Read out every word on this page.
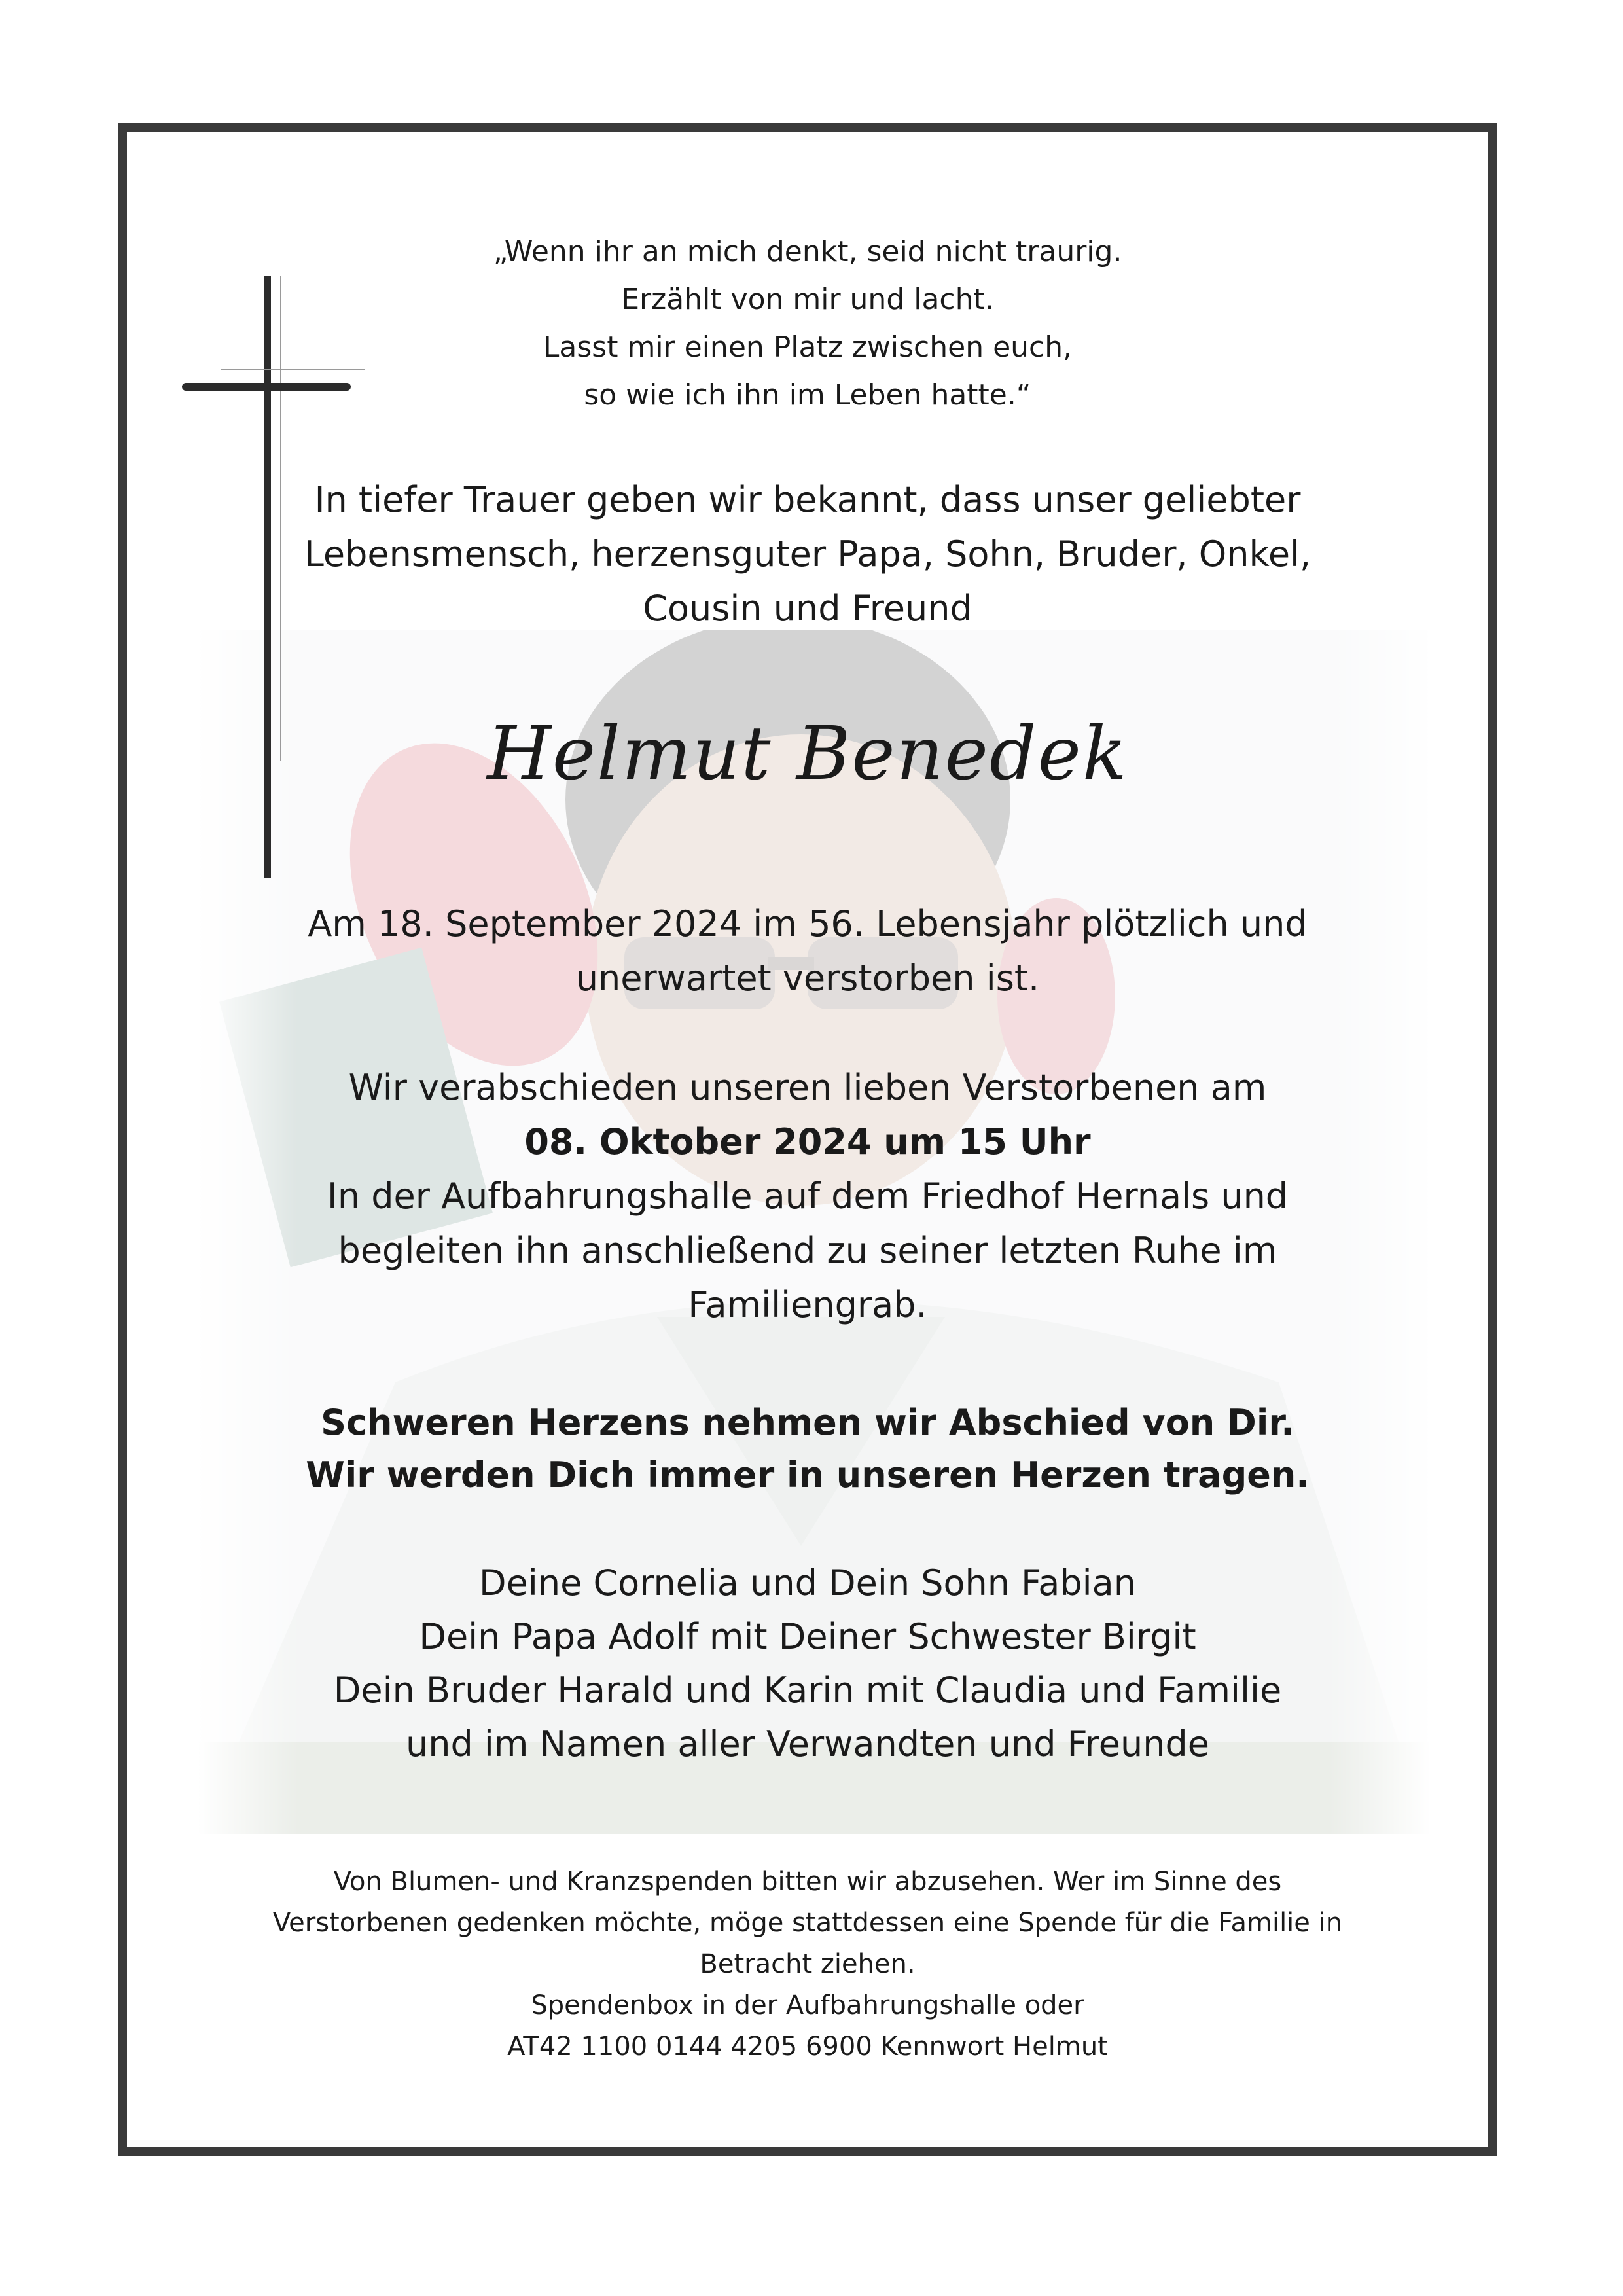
„Wenn ihr an mich denkt, seid nicht traurig.
Erzählt von mir und lacht.
Lasst mir einen Platz zwischen euch,
so wie ich ihn im Leben hatte.“
In tiefer Trauer geben wir bekannt, dass unser geliebter
Lebensmensch, herzensguter Papa, Sohn, Bruder, Onkel,
Cousin und Freund
Helmut Benedek
Am 18. September 2024 im 56. Lebensjahr plötzlich und
unerwartet verstorben ist.
Wir verabschieden unseren lieben Verstorbenen am
08. Oktober 2024 um 15 Uhr
In der Aufbahrungshalle auf dem Friedhof Hernals und
begleiten ihn anschließend zu seiner letzten Ruhe im
Familiengrab.
Schweren Herzens nehmen wir Abschied von Dir.
Wir werden Dich immer in unseren Herzen tragen.
Deine Cornelia und Dein Sohn Fabian
Dein Papa Adolf mit Deiner Schwester Birgit
Dein Bruder Harald und Karin mit Claudia und Familie
und im Namen aller Verwandten und Freunde
Von Blumen- und Kranzspenden bitten wir abzusehen. Wer im Sinne des
Verstorbenen gedenken möchte, möge stattdessen eine Spende für die Familie in
Betracht ziehen.
Spendenbox in der Aufbahrungshalle oder
AT42 1100 0144 4205 6900 Kennwort Helmut
